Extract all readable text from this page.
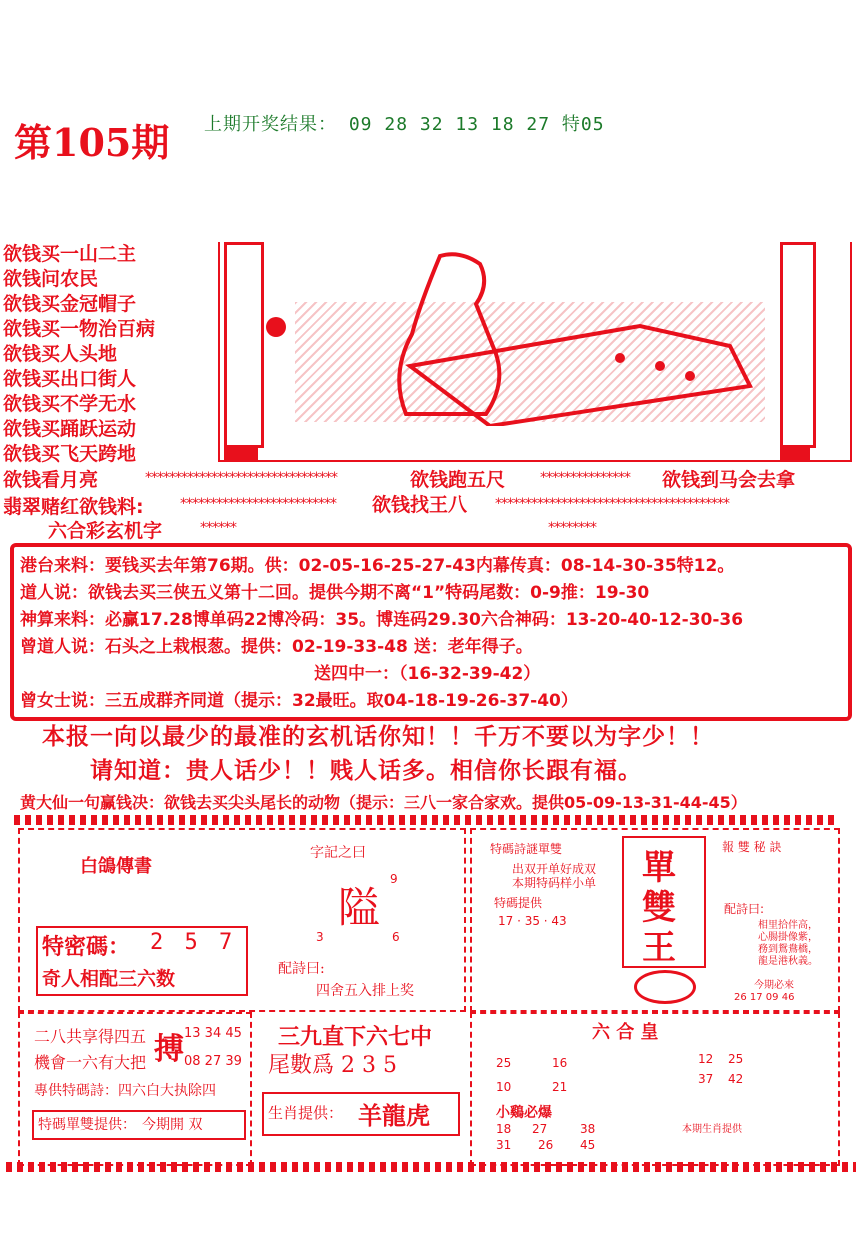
第105期 上期开奖结果： 09 28 32 13 18 27 特05
欲钱买一山二主
欲钱问农民
欲钱买金冠帽子
欲钱买一物治百病
欲钱买人头地
欲钱买出口街人
欲钱买不学无水
欲钱买踊跃运动
欲钱买飞天跨地
欲钱看月亮	********************************	欲钱跑五尺 *************** 欲钱到马会去拿
翡翠赌红欲钱料:	************************** 欲钱找王八 ***************************************
六合彩玄机字	******	********
港台来料：要钱买去年第76期。供：02-05-16-25-27-43内幕传真：08-14-30-35特12。
道人说：欲钱去买三侠五义第十二回。提供今期不离“1”特码尾数：0-9推：19-30
神算来料：必赢17.28博单码22博冷码：35。博连码29.30六合神码：13-20-40-12-30-36
曾道人说：石头之上栽根葱。提供：02-19-33-48 送：老年得子。
送四中一：（16-32-39-42）
曾女士说：三五成群齐同道（提示：32最旺。取04-18-19-26-37-40）
本报一向以最少的最准的玄机话你知！！千万不要以为字少！！
请知道：贵人话少！！贱人话多。相信你长跟有福。
黄大仙一句赢钱决：欲钱去买尖头尾长的动物（提示：三八一家合家欢。提供05-09-13-31-44-45）
白鴿傳書
特密碼： 2 5 7
奇人相配三六数
字記之曰
隘
9
3	6
配詩曰:
四舍五入排上奖
二八共享得四五
機會一六有大把 搏 13 34 45
08 27 39
專供特碼詩：四六白大执除四
特碼單雙提供： 今期開 双
三九直下六七中
尾數爲 2 3 5
生肖提供： 羊龍虎
特碼詩謎單雙
出双开单好成双
本期特码样小单
特碼提供
17 · 35 · 43
單
雙
王
報 雙 秘 訣
配詩曰:
相里拾伴高，
心腸掛像紫，
務到鴛鴦橋，
龍是港秋義。
今期必來
26 17 09 46
六 合 皇
25	16
10	21
18 27	38
31 26 45
12 25
37 42
小鷄必爆
本期生肖提供
